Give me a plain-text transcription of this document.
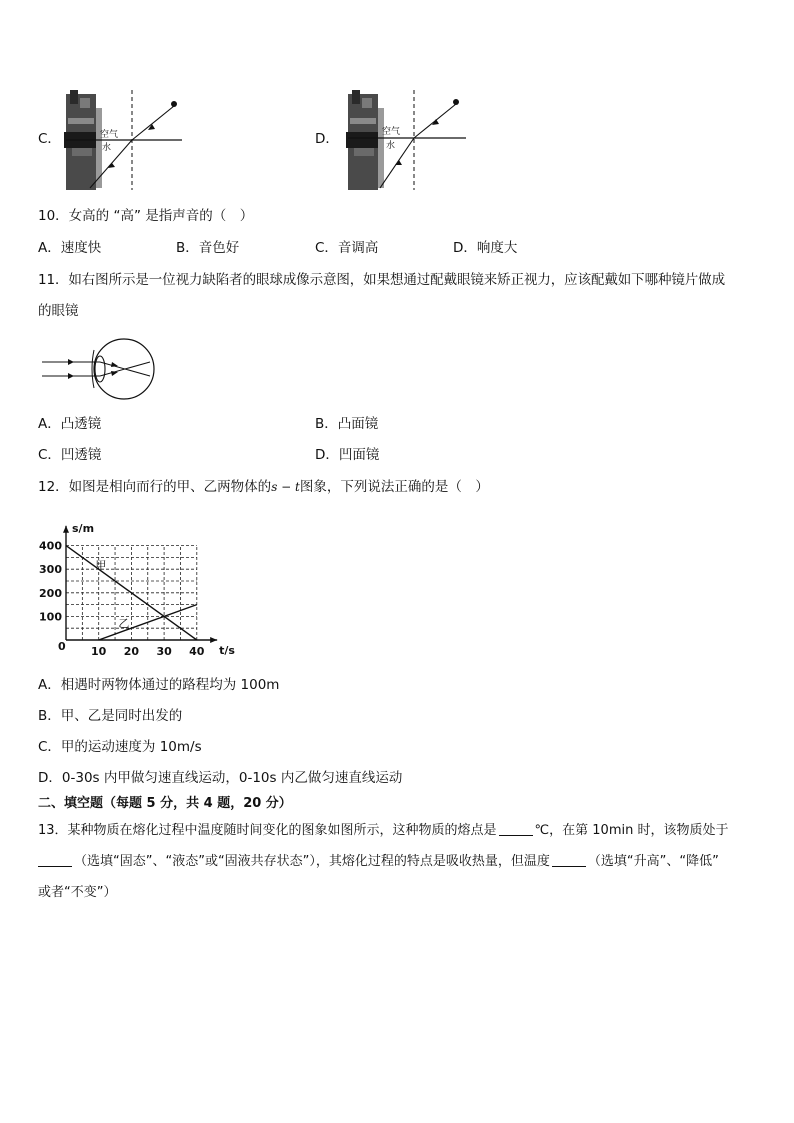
C．	空气
水
D．	空气
水
10．女高的 “高” 是指声音的（　）
A．速度快	B．音色好	C．音调高	D．响度大
11．如右图所示是一位视力缺陷者的眼球成像示意图，如果想通过配戴眼镜来矫正视力，应该配戴如下哪种镜片做成
的眼镜
A．凸透镜	B．凸面镜
C．凹透镜	D．凹面镜
12．如图是相向而行的甲、乙两物体的s − t图象，下列说法正确的是（　）
0 10 20 30 40
100
200
300
400
t/s
s/m
甲
乙
A．相遇时两物体通过的路程均为 100m
B．甲、乙是同时出发的
C．甲的运动速度为 10m/s
D．0-30s 内甲做匀速直线运动，0-10s 内乙做匀速直线运动
二、填空题（每题 5 分，共 4 题，20 分）
13．某种物质在熔化过程中温度随时间变化的图象如图所示，这种物质的熔点是	℃，在第 10min 时，该物质处于
（选填“固态”、“液态”或“固液共存状态”），其熔化过程的特点是吸收热量，但温度	（选填“升高”、“降低”
或者“不变”）
